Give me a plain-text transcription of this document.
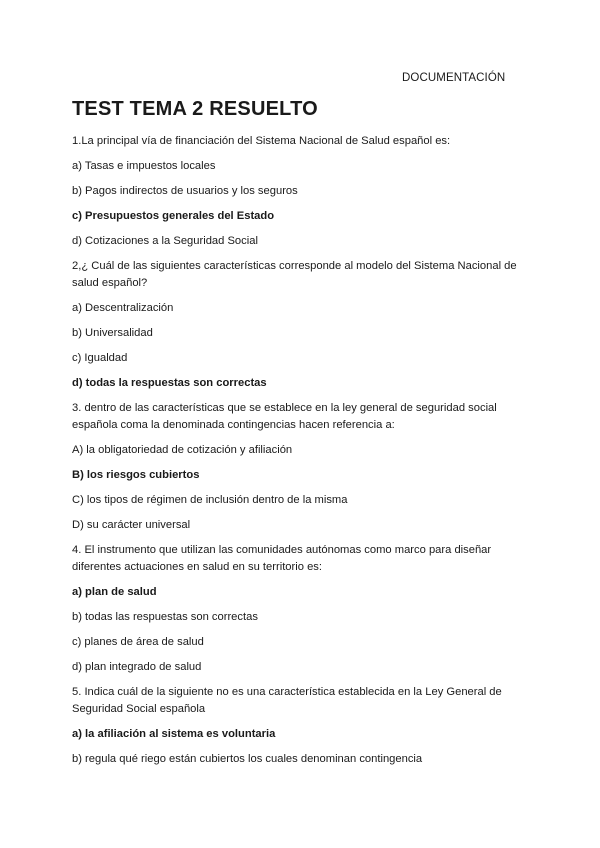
DOCUMENTACIÓN
TEST TEMA 2 RESUELTO

1.La principal vía de financiación del Sistema Nacional de Salud español es:

a) Tasas e impuestos locales

b) Pagos indirectos de usuarios y los seguros

c) Presupuestos generales del Estado

d) Cotizaciones a la Seguridad Social

2,¿ Cuál de las siguientes características corresponde al modelo del Sistema Nacional de salud español?

a) Descentralización

b) Universalidad

c) Igualdad

d) todas la respuestas son correctas

3. dentro de las características que se establece en la ley general de seguridad social española coma la denominada contingencias hacen referencia a:

A) la obligatoriedad de cotización y afiliación

B) los riesgos cubiertos

C) los tipos de régimen de inclusión dentro de la misma

D) su carácter universal

4. El instrumento que utilizan las comunidades autónomas como marco para diseñar diferentes actuaciones en salud en su territorio es:

a) plan de salud

b) todas las respuestas son correctas

c) planes de área de salud

d) plan integrado de salud

5. Indica cuál de la siguiente no es una característica establecida en la Ley General de Seguridad Social española

a) la afiliación al sistema es voluntaria

b) regula qué riego están cubiertos los cuales denominan contingencia
